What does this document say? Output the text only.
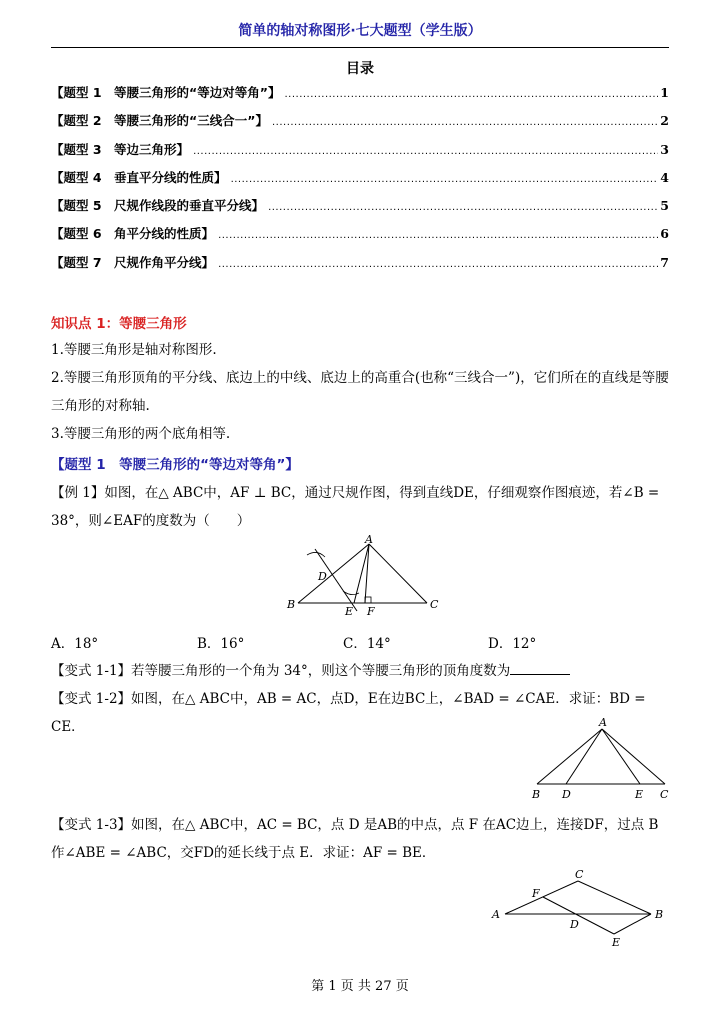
简单的轴对称图形·七大题型（学生版）
目录
【题型 1　等腰三角形的“等边对等角”】 .....	1
【题型 2　等腰三角形的“三线合一”】 .....	2
【题型 3　等边三角形】 .....	3
【题型 4　垂直平分线的性质】 .....	4
【题型 5　尺规作线段的垂直平分线】 .....	5
【题型 6　角平分线的性质】 .....	6
【题型 7　尺规作角平分线】 .....	7
知识点 1：等腰三角形
1.等腰三角形是轴对称图形.
2.等腰三角形顶角的平分线、底边上的中线、底边上的高重合(也称“三线合一”)，它们所在的直线是等腰三角形的对称轴.
3.等腰三角形的两个底角相等.
【题型 1　等腰三角形的“等边对等角”】
【例 1】如图，在△ ABC中，AF ⊥ BC，通过尺规作图，得到直线DE，仔细观察作图痕迹，若∠B = 38°，则∠EAF的度数为（　　）
A
B	C
D
E F
A．18°	B．16°	C．14°	D．12°
【变式 1-1】若等腰三角形的一个角为 34°，则这个等腰三角形的顶角度数为
【变式 1-2】如图，在△ ABC中，AB = AC，点D，E在边BC上，∠BAD = ∠CAE．求证：BD = CE．	A
B D	E C
【变式 1-3】如图，在△ ABC中，AC = BC，点 D 是AB的中点，点 F 在AC边上，连接DF，过点 B 作∠ABE = ∠ABC，交FD的延长线于点 E．求证：AF = BE．
C
F
A
D
B
E
第 1 页 共 27 页
